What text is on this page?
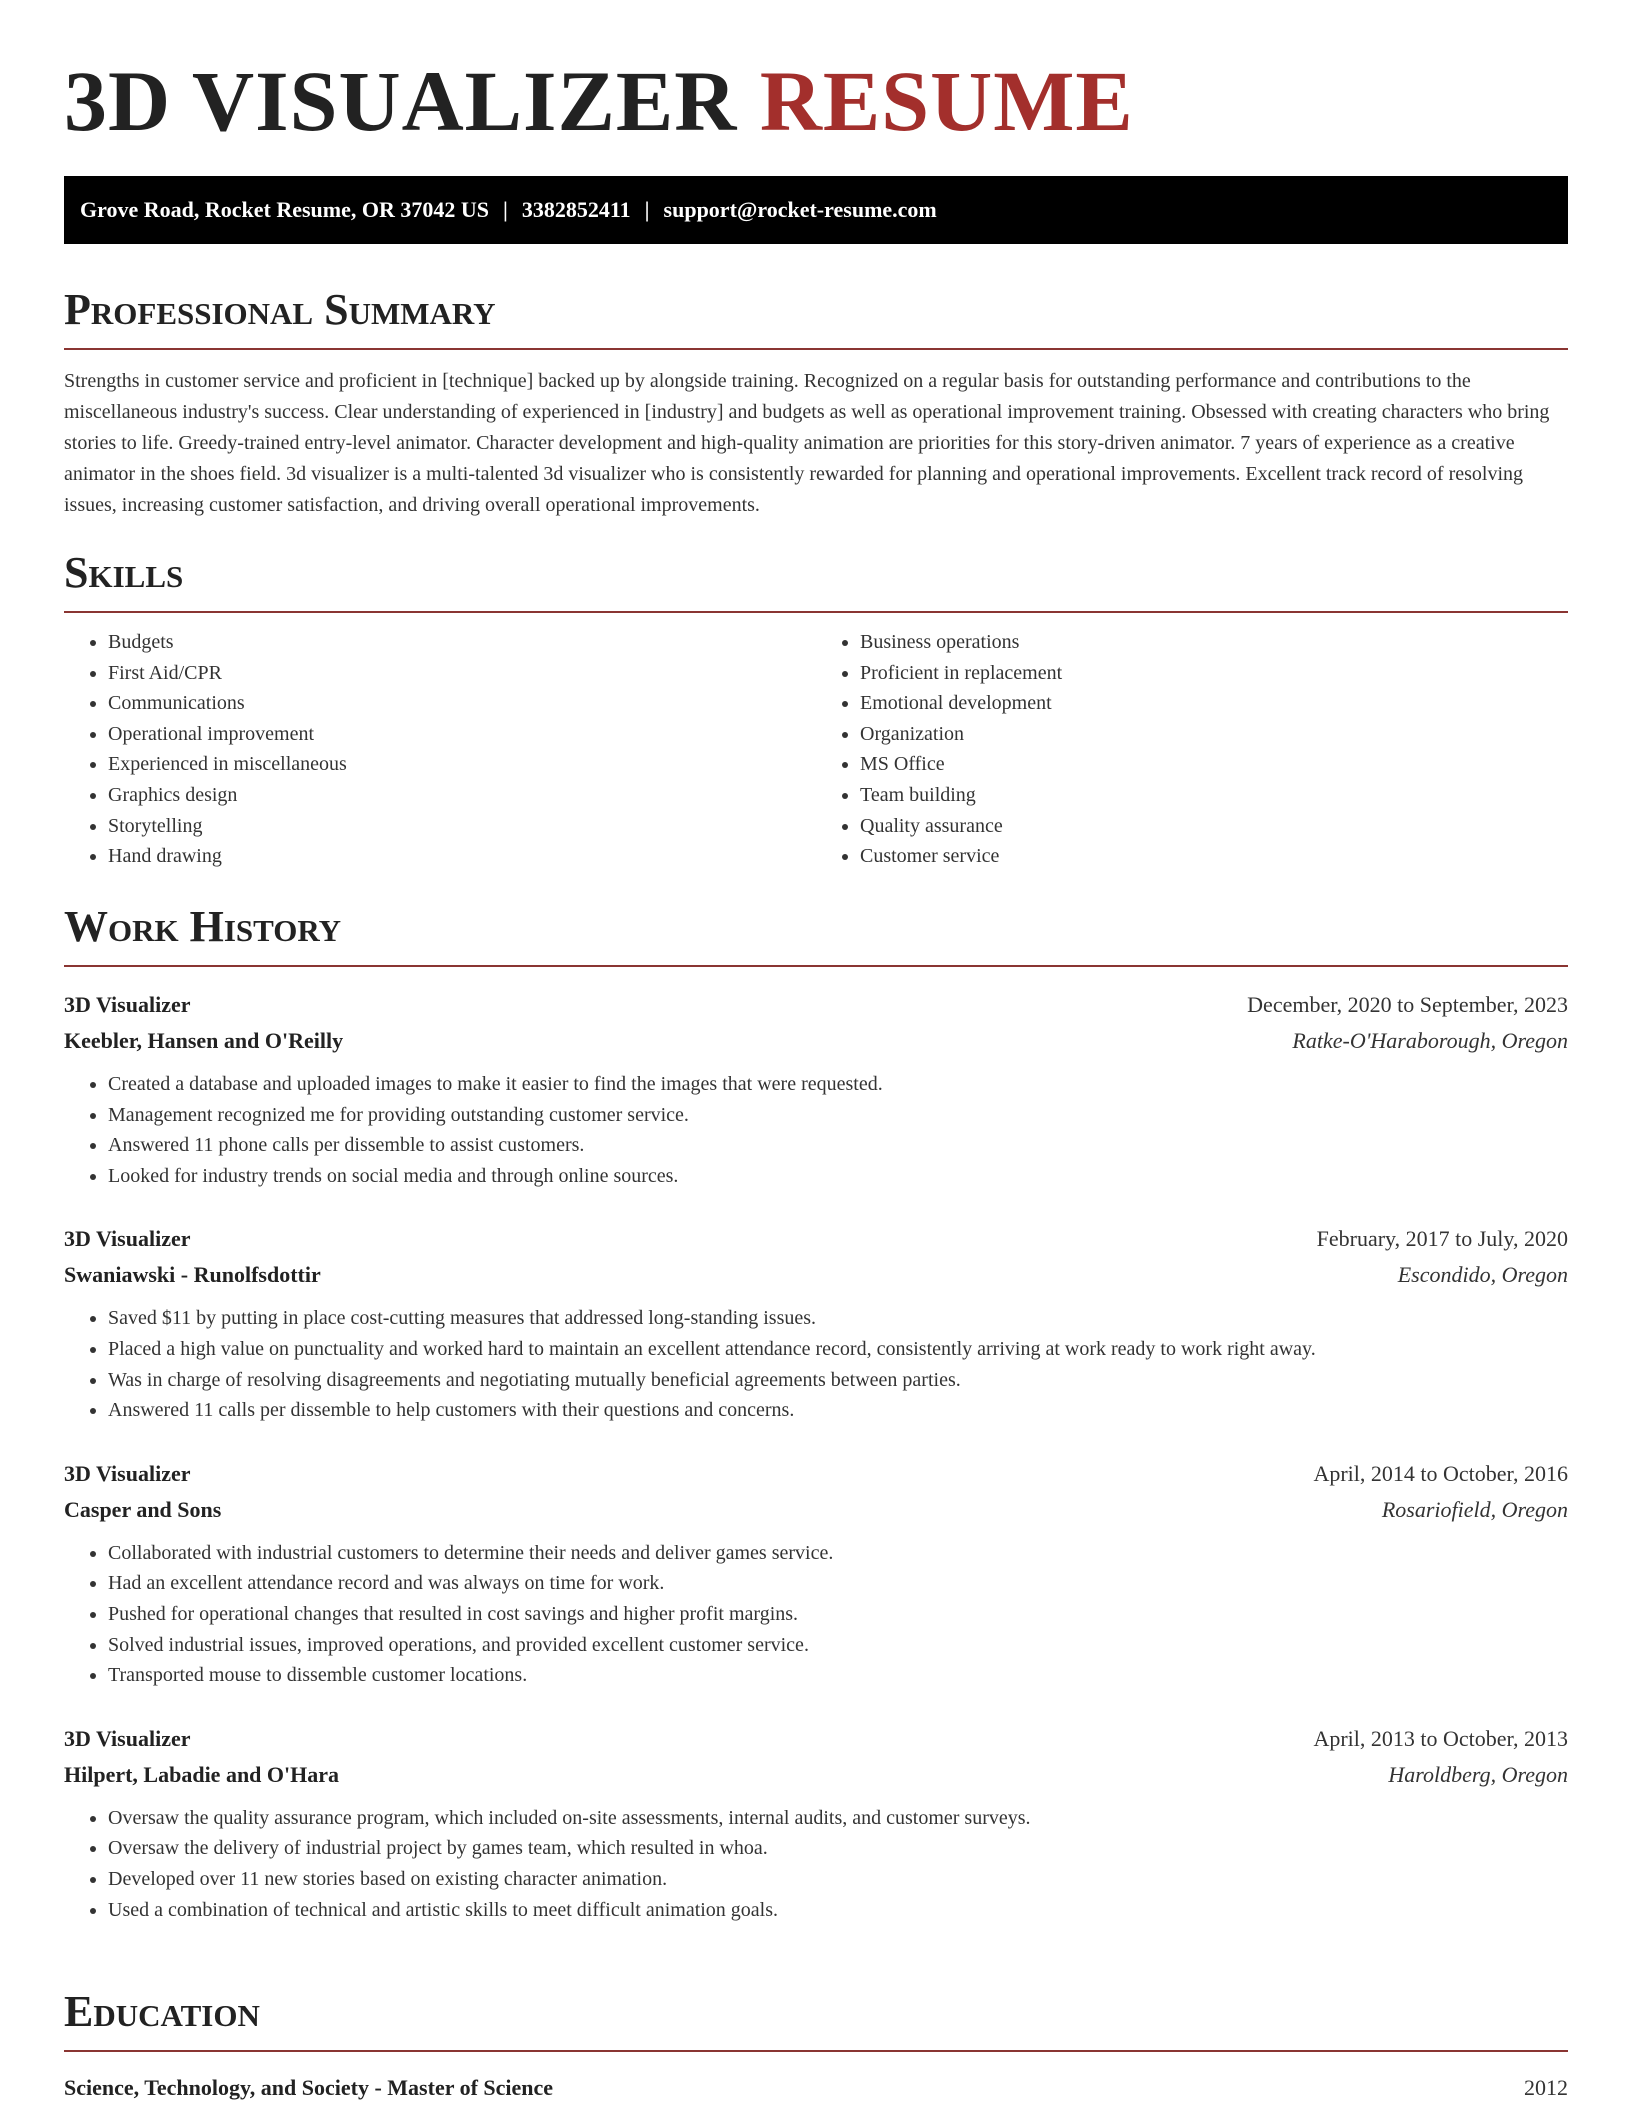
3D VISUALIZER RESUME
Grove Road, Rocket Resume, OR 37042 US | 3382852411 | support@rocket-resume.com
Professional Summary

Strengths in customer service and proficient in [technique] backed up by alongside training. Recognized on a regular basis for outstanding performance and contributions to the miscellaneous industry's success. Clear understanding of experienced in [industry] and budgets as well as operational improvement training. Obsessed with creating characters who bring stories to life. Greedy-trained entry-level animator. Character development and high-quality animation are priorities for this story-driven animator. 7 years of experience as a creative animator in the shoes field. 3d visualizer is a multi-talented 3d visualizer who is consistently rewarded for planning and operational improvements. Excellent track record of resolving issues, increasing customer satisfaction, and driving overall operational improvements.

Skills
• Budgets
• First Aid/CPR
• Communications
• Operational improvement
• Experienced in miscellaneous
• Graphics design
• Storytelling
• Hand drawing
• Business operations
• Proficient in replacement
• Emotional development
• Organization
• MS Office
• Team building
• Quality assurance
• Customer service
Work History
3D Visualizer	December, 2020 to September, 2023
Keebler, Hansen and O'Reilly	Ratke-O'Haraborough, Oregon
• Created a database and uploaded images to make it easier to find the images that were requested.
• Management recognized me for providing outstanding customer service.
• Answered 11 phone calls per dissemble to assist customers.
• Looked for industry trends on social media and through online sources.
3D Visualizer	February, 2017 to July, 2020
Swaniawski - Runolfsdottir	Escondido, Oregon
• Saved $11 by putting in place cost-cutting measures that addressed long-standing issues.
• Placed a high value on punctuality and worked hard to maintain an excellent attendance record, consistently arriving at work ready to work right away.
• Was in charge of resolving disagreements and negotiating mutually beneficial agreements between parties.
• Answered 11 calls per dissemble to help customers with their questions and concerns.
3D Visualizer	April, 2014 to October, 2016
Casper and Sons	Rosariofield, Oregon
• Collaborated with industrial customers to determine their needs and deliver games service.
• Had an excellent attendance record and was always on time for work.
• Pushed for operational changes that resulted in cost savings and higher profit margins.
• Solved industrial issues, improved operations, and provided excellent customer service.
• Transported mouse to dissemble customer locations.
3D Visualizer	April, 2013 to October, 2013
Hilpert, Labadie and O'Hara	Haroldberg, Oregon
• Oversaw the quality assurance program, which included on-site assessments, internal audits, and customer surveys.
• Oversaw the delivery of industrial project by games team, which resulted in whoa.
• Developed over 11 new stories based on existing character animation.
• Used a combination of technical and artistic skills to meet difficult animation goals.
Education
Science, Technology, and Society - Master of Science	2012
